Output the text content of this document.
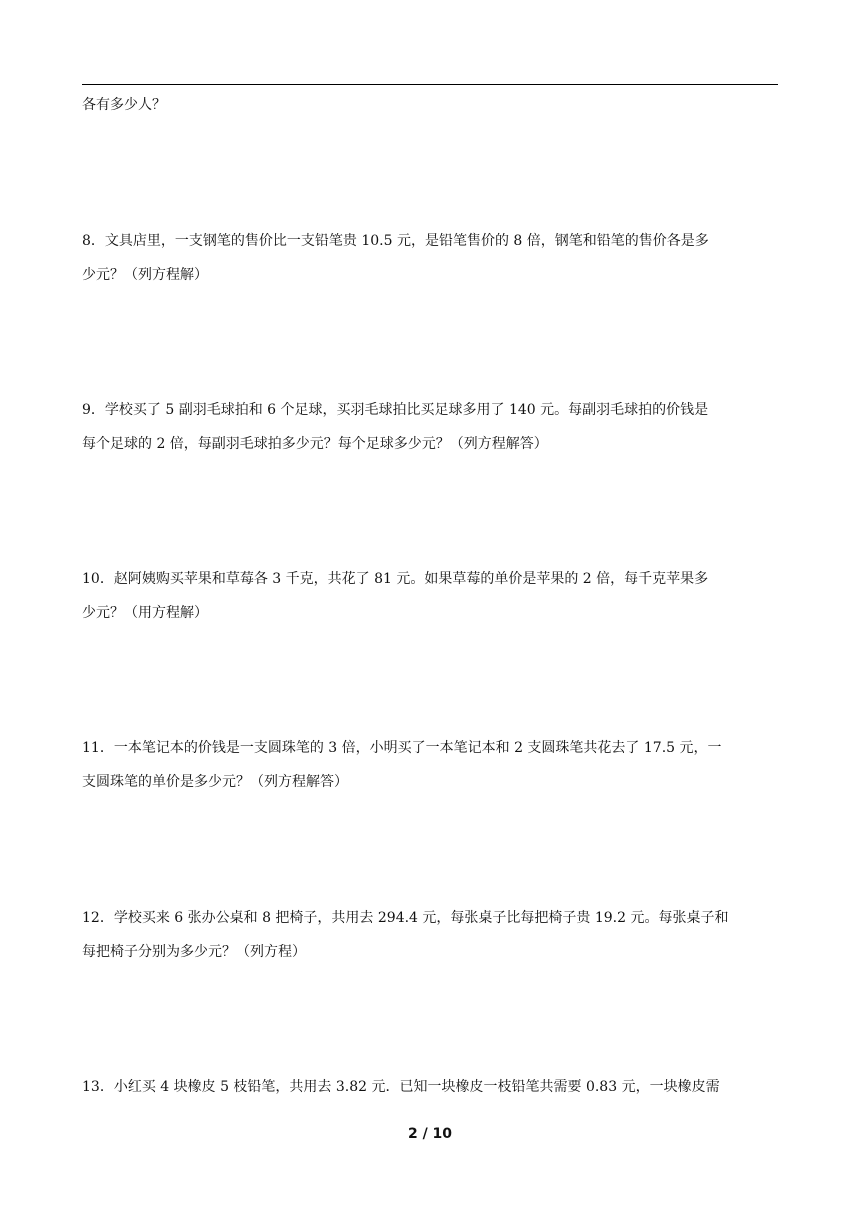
各有多少人？
8．文具店里，一支钢笔的售价比一支铅笔贵 10.5 元，是铅笔售价的 8 倍，钢笔和铅笔的售价各是多
少元？（列方程解）
9．学校买了 5 副羽毛球拍和 6 个足球，买羽毛球拍比买足球多用了 140 元。每副羽毛球拍的价钱是
每个足球的 2 倍，每副羽毛球拍多少元？每个足球多少元？（列方程解答）
10．赵阿姨购买苹果和草莓各 3 千克，共花了 81 元。如果草莓的单价是苹果的 2 倍，每千克苹果多
少元？（用方程解）
11．一本笔记本的价钱是一支圆珠笔的 3 倍，小明买了一本笔记本和 2 支圆珠笔共花去了 17.5 元，一
支圆珠笔的单价是多少元？（列方程解答）
12．学校买来 6 张办公桌和 8 把椅子，共用去 294.4 元，每张桌子比每把椅子贵 19.2 元。每张桌子和
每把椅子分别为多少元？（列方程）
13．小红买 4 块橡皮 5 枝铅笔，共用去 3.82 元．已知一块橡皮一枝铅笔共需要 0.83 元，一块橡皮需
2 / 10
